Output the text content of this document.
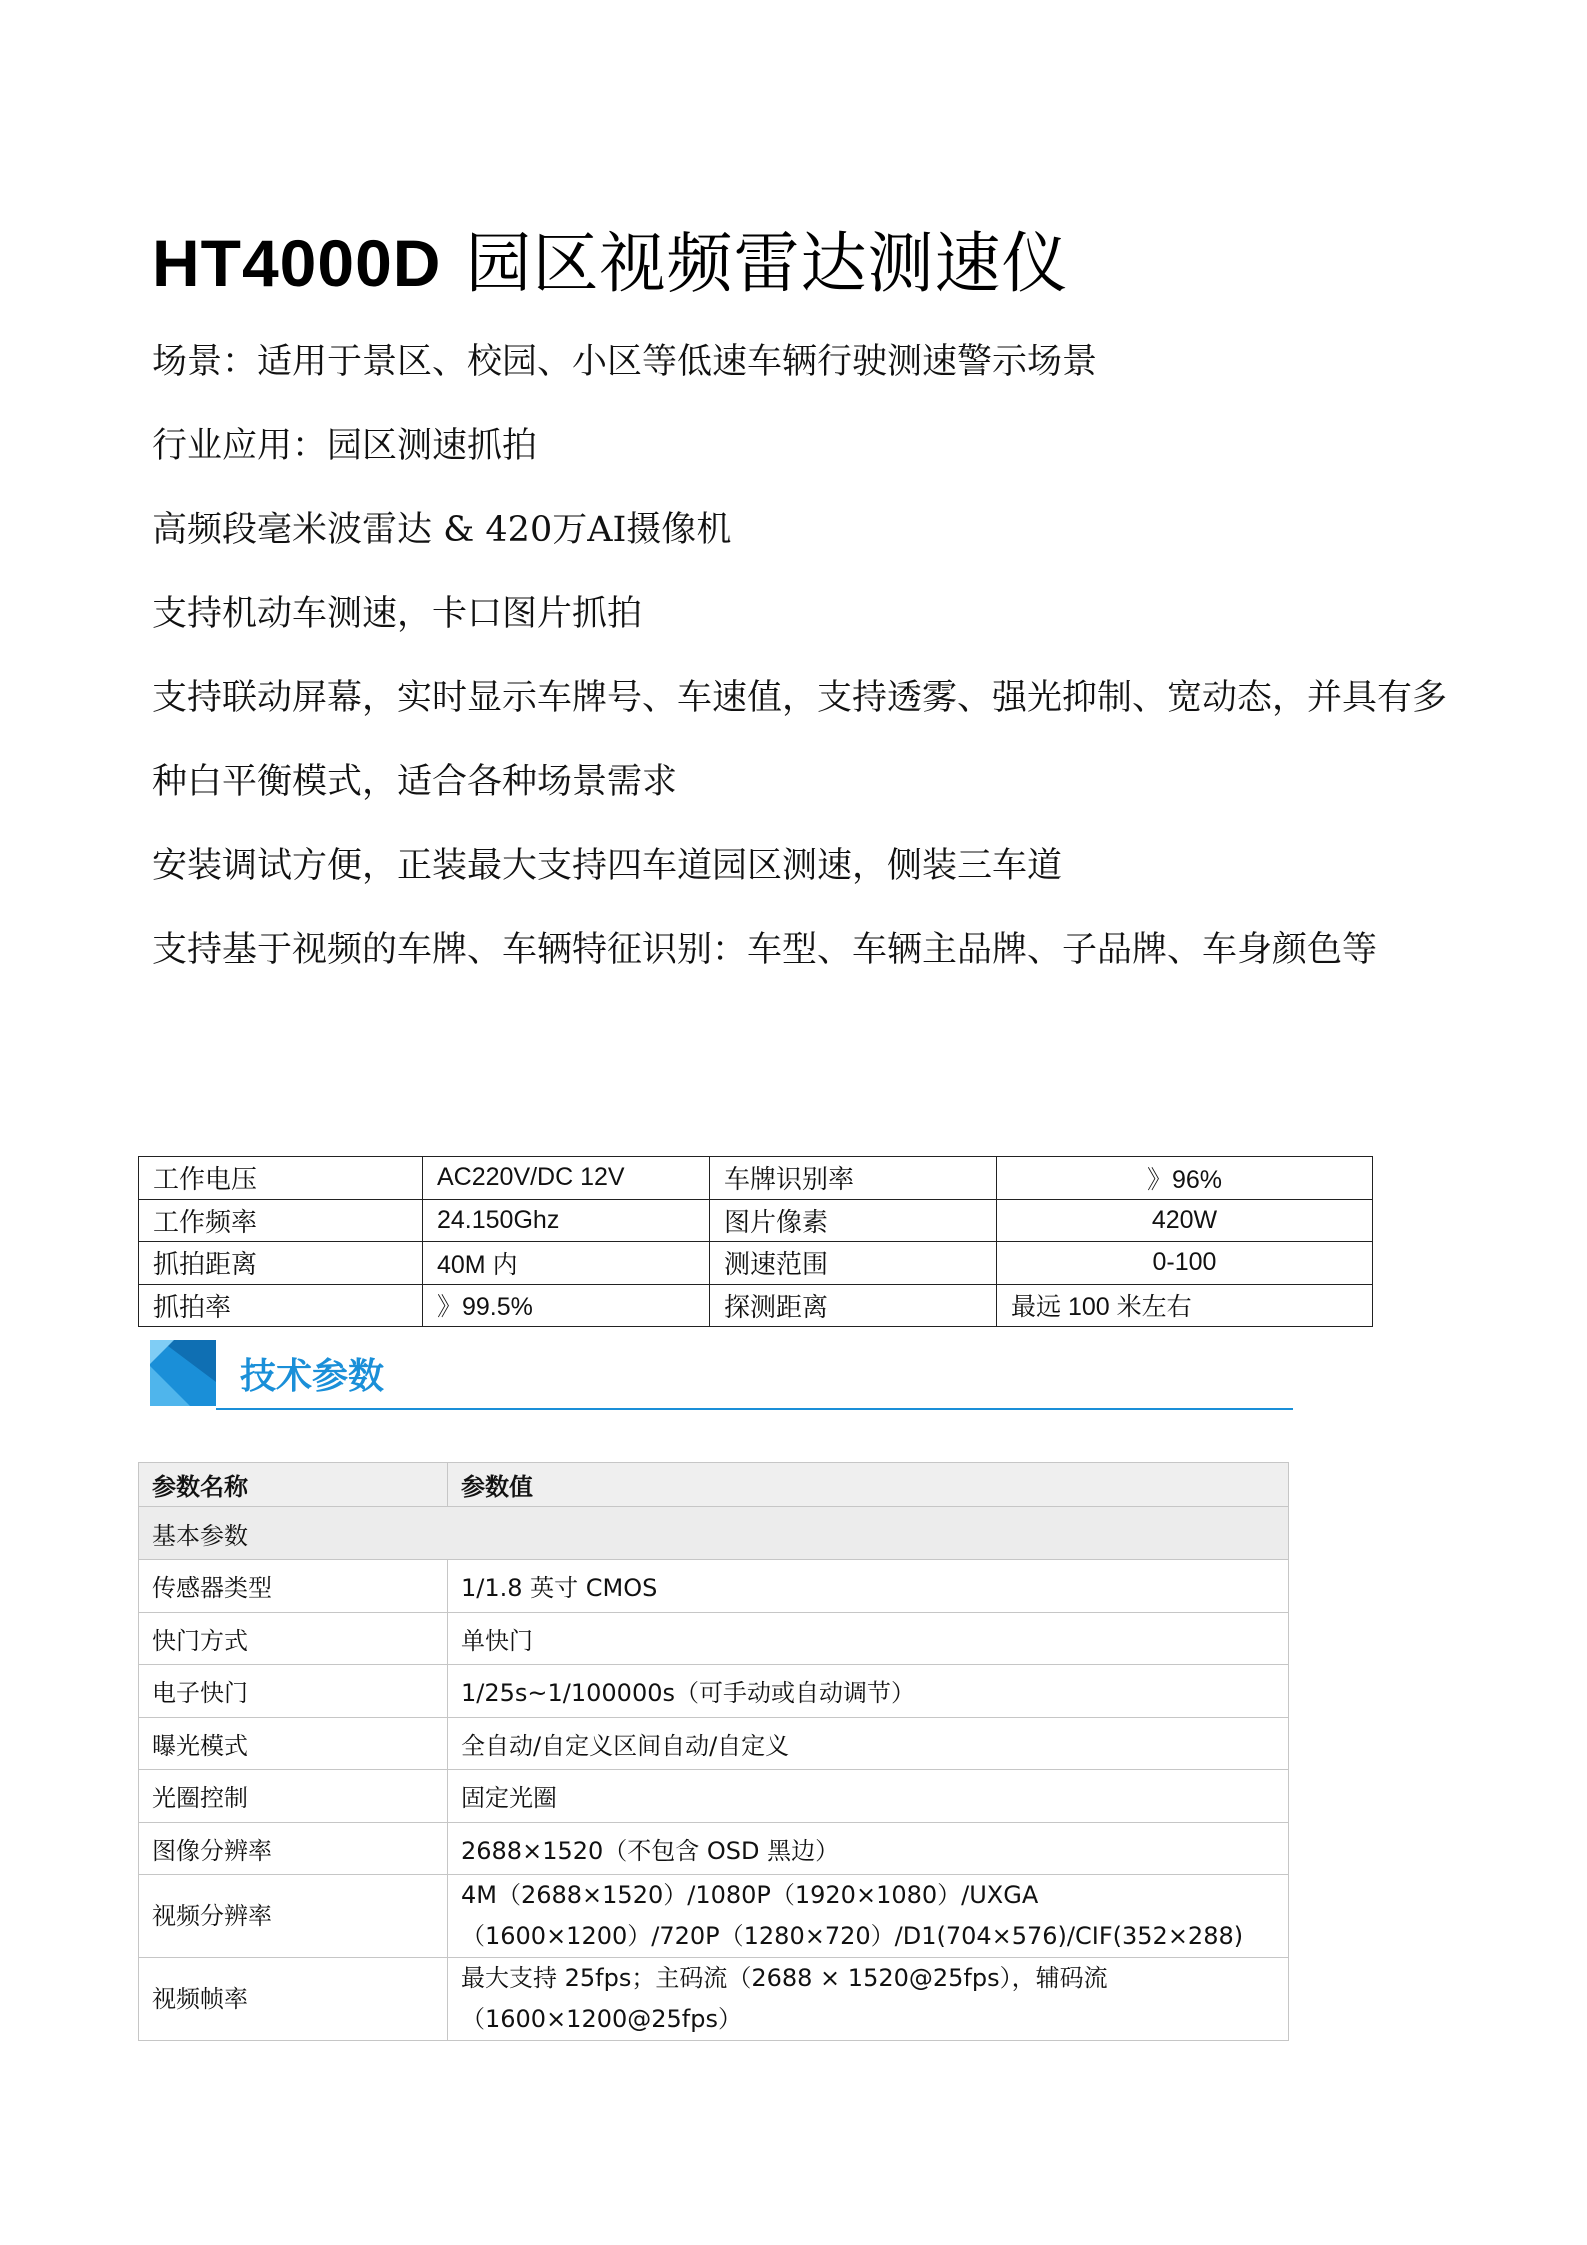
HT4000D 园区视频雷达测速仪

场景：适用于景区、校园、小区等低速车辆行驶测速警示场景

行业应用：园区测速抓拍

高频段毫米波雷达 & 420万AI摄像机

支持机动车测速，卡口图片抓拍

支持联动屏幕，实时显示车牌号、车速值，支持透雾、强光抑制、宽动态，并具有多种白平衡模式，适合各种场景需求

安装调试方便，正装最大支持四车道园区测速，侧装三车道

支持基于视频的车牌、车辆特征识别：车型、车辆主品牌、子品牌、车身颜色等

工作电压	AC220V/DC 12V	车牌识别率	》96%
工作频率	24.150Ghz	图片像素	420W
抓拍距离	40M 内	测速范围	0-100
抓拍率	》99.5%	探测距离	最远 100 米左右
技术参数
参数名称	参数值
基本参数	
传感器类型	1/1.8 英寸 CMOS
快门方式	单快门
电子快门	1/25s~1/100000s（可手动或自动调节）
曝光模式	全自动/自定义区间自动/自定义
光圈控制	固定光圈
图像分辨率	2688×1520（不包含 OSD 黑边）
视频分辨率	4M（2688×1520）/1080P（1920×1080）/UXGA（1600×1200）/720P（1280×720）/D1(704×576)/CIF(352×288)
视频帧率	最大支持 25fps；主码流（2688 × 1520@25fps），辅码流（1600×1200@25fps）
